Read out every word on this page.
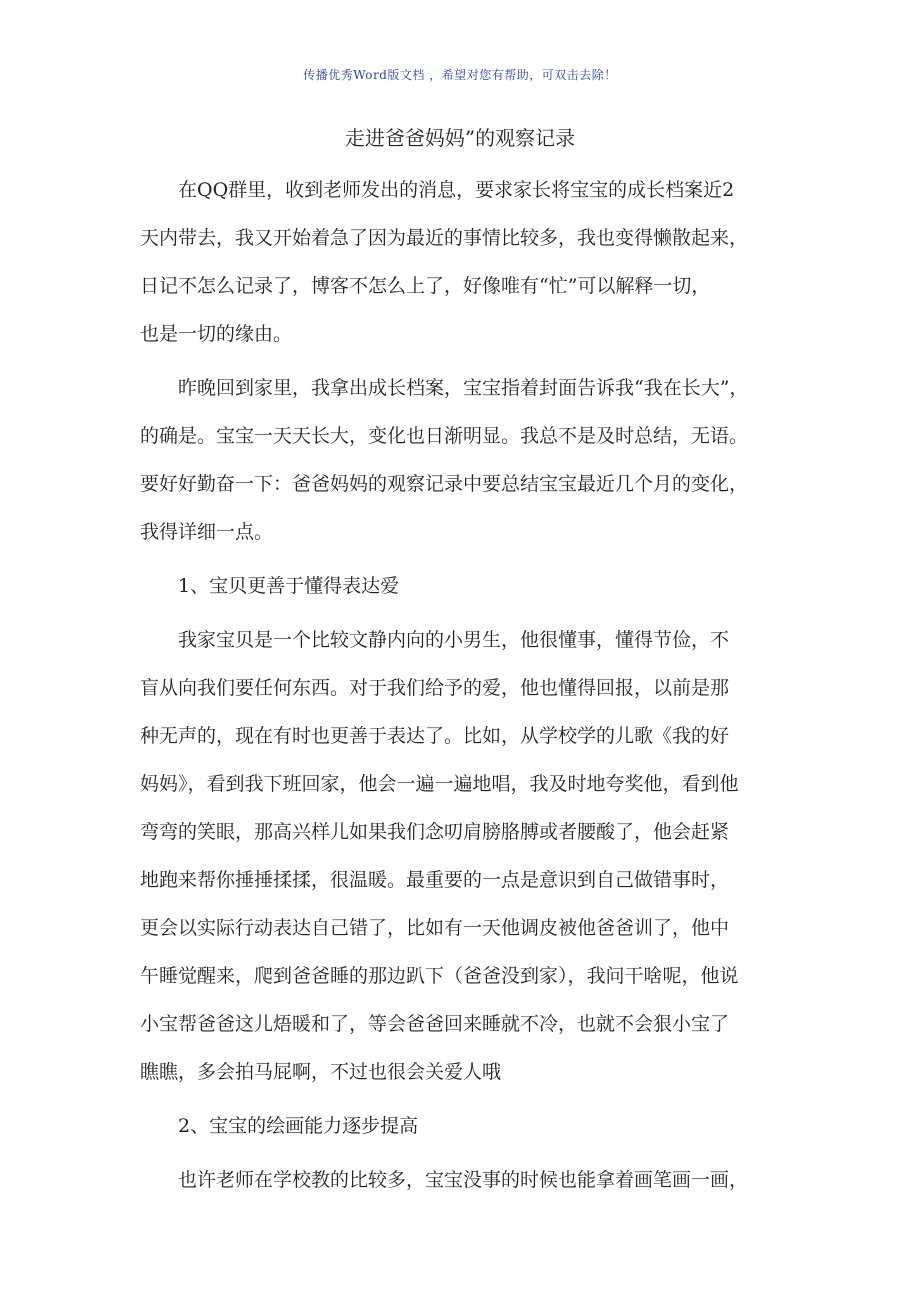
传播优秀Word版文档 ，希望对您有帮助，可双击去除！
走进爸爸妈妈”的观察记录
在QQ群里，收到老师发出的消息，要求家长将宝宝的成长档案近2
天内带去，我又开始着急了因为最近的事情比较多，我也变得懒散起来，
日记不怎么记录了，博客不怎么上了，好像唯有“忙”可以解释一切，
也是一切的缘由。
昨晚回到家里，我拿出成长档案，宝宝指着封面告诉我“我在长大”，
的确是。宝宝一天天长大，变化也日渐明显。我总不是及时总结，无语。
要好好勤奋一下：爸爸妈妈的观察记录中要总结宝宝最近几个月的变化，
我得详细一点。
1、宝贝更善于懂得表达爱
我家宝贝是一个比较文静内向的小男生，他很懂事，懂得节俭，不
盲从向我们要任何东西。对于我们给予的爱，他也懂得回报，以前是那
种无声的，现在有时也更善于表达了。比如，从学校学的儿歌《我的好
妈妈》，看到我下班回家，他会一遍一遍地唱，我及时地夸奖他，看到他
弯弯的笑眼，那高兴样儿如果我们念叨肩膀胳膊或者腰酸了，他会赶紧
地跑来帮你捶捶揉揉，很温暖。最重要的一点是意识到自己做错事时，
更会以实际行动表达自己错了，比如有一天他调皮被他爸爸训了，他中
午睡觉醒来，爬到爸爸睡的那边趴下（爸爸没到家），我问干啥呢，他说
小宝帮爸爸这儿焐暖和了，等会爸爸回来睡就不冷，也就不会狠小宝了
瞧瞧，多会拍马屁啊，不过也很会关爱人哦
2、宝宝的绘画能力逐步提高
也许老师在学校教的比较多，宝宝没事的时候也能拿着画笔画一画，
